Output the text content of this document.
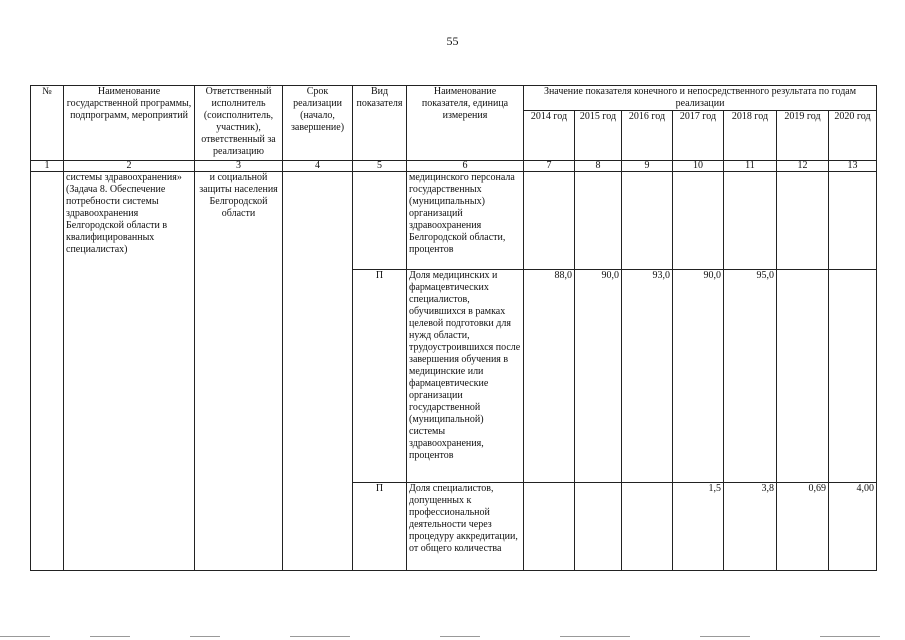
55
№	Наименование государственной программы, подпрограмм, мероприятий	Ответственный исполнитель (соисполнитель, участник), ответственный за реализацию	Срок реализации (начало, завершение)	Вид показателя	Наименование показателя, единица измерения	Значение показателя конечного и непосредственного результата по годам реализации						
						2014 год	2015 год	2016 год	2017 год	2018 год	2019 год	2020 год
1	2	3	4	5	6	7	8	9	10	11	12	13
	системы здравоохранения» (Задача 8. Обеспечение потребности системы здравоохранения Белгородской области в квалифицированных специалистах)	и социальной защиты населения Белгородской области			медицинского персонала государственных (муниципальных) организаций здравоохранения Белгородской области, процентов							
				П	Доля медицинских и фармацевтических специалистов, обучившихся в рамках целевой подготовки для нужд области, трудоустроившихся после завершения обучения в медицинские или фармацевтические организации государственной (муниципальной) системы здравоохранения, процентов	88,0	90,0	93,0	90,0	95,0		
				П	Доля специалистов, допущенных к профессиональной деятельности через процедуру аккредитации, от общего количества				1,5	3,8	0,69	4,00
